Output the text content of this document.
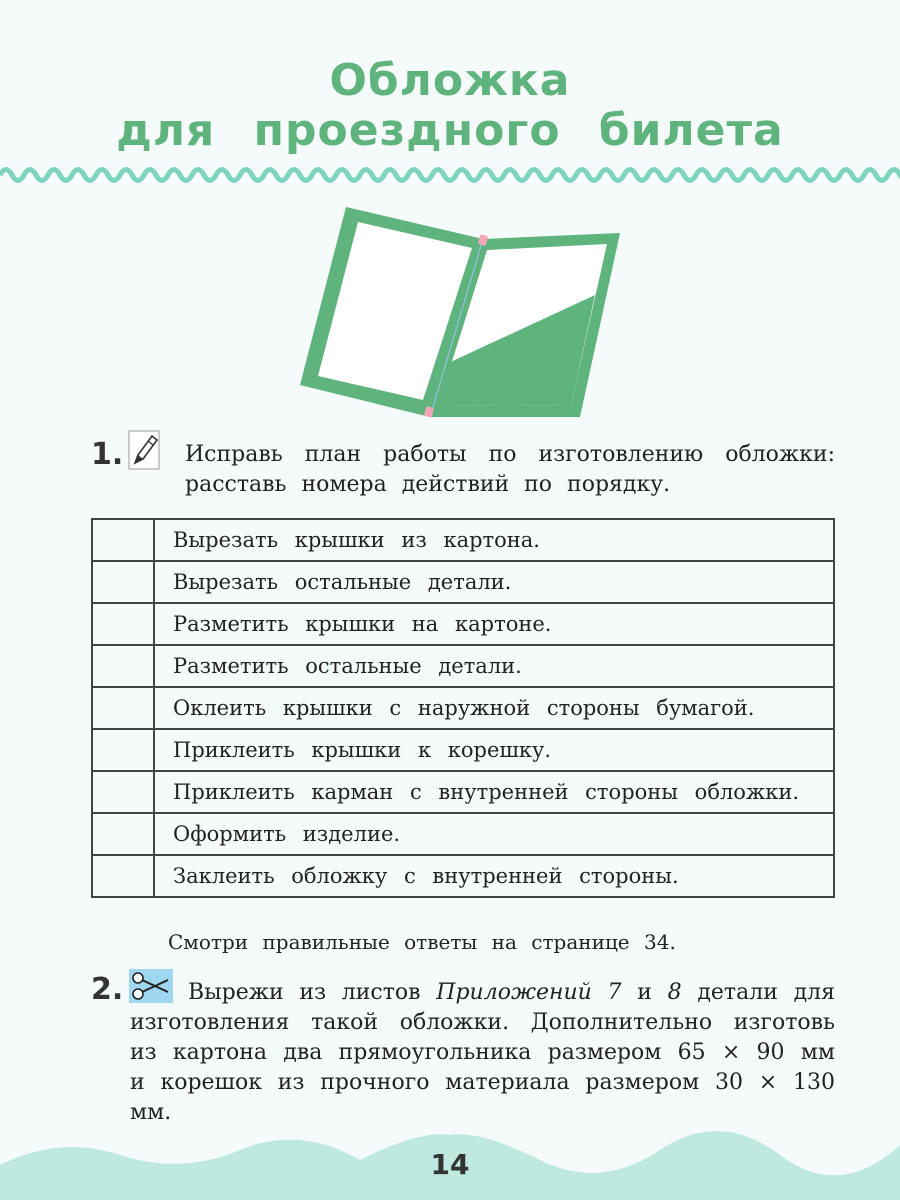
Обложка
для проездного билета
1.	Исправь план работы по изготовлению обложки: расставь номера действий по порядку.
	Вырезать крышки из картона.
	Вырезать остальные детали.
	Разметить крышки на картоне.
	Разметить остальные детали.
	Оклеить крышки с наружной стороны бумагой.
	Приклеить крышки к корешку.
	Приклеить карман с внутренней стороны обложки.
	Оформить изделие.
	Заклеить обложку с внутренней стороны.
Смотри правильные ответы на странице 34.
2.	Вырежи из листов Приложений 7 и 8 детали для изготовления такой обложки. Дополнительно изготовь из картона два прямоугольника размером 65 × 90 мм и корешок из прочного материала размером 30 × 130 мм.
14
